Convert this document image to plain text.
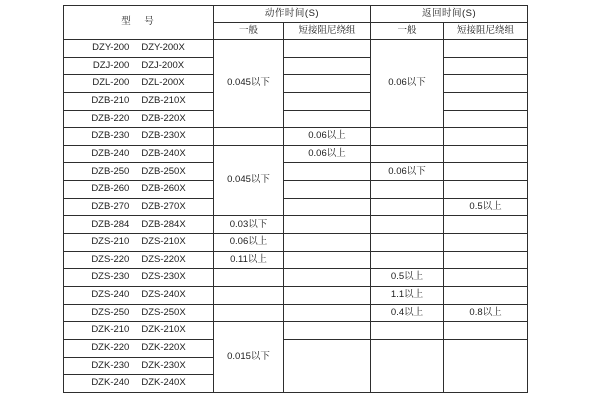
型　号	动作时间(S)		返回时间(S)	
	一般	短接阻尼绕组	一般	短接阻尼绕组
DZY-200 DZY-200X	0.045以下		0.06以下	
DZJ-200 DZJ-200X				
DZL-200 DZL-200X				
DZB-210 DZB-210X				
DZB-220 DZB-220X				
DZB-230 DZB-230X		0.06以上		
DZB-240 DZB-240X	0.045以下	0.06以上		
DZB-250 DZB-250X			0.06以下	
DZB-260 DZB-260X				
DZB-270 DZB-270X				0.5以上
DZB-284 DZB-284X	0.03以下			
DZS-210 DZS-210X	0.06以上			
DZS-220 DZS-220X	0.11以上			
DZS-230 DZS-230X			0.5以上	
DZS-240 DZS-240X			1.1以上	
DZS-250 DZS-250X			0.4以上	0.8以上
DZK-210 DZK-210X	0.015以下			
DZK-220 DZK-220X				
DZK-230 DZK-230X				
DZK-240 DZK-240X				
